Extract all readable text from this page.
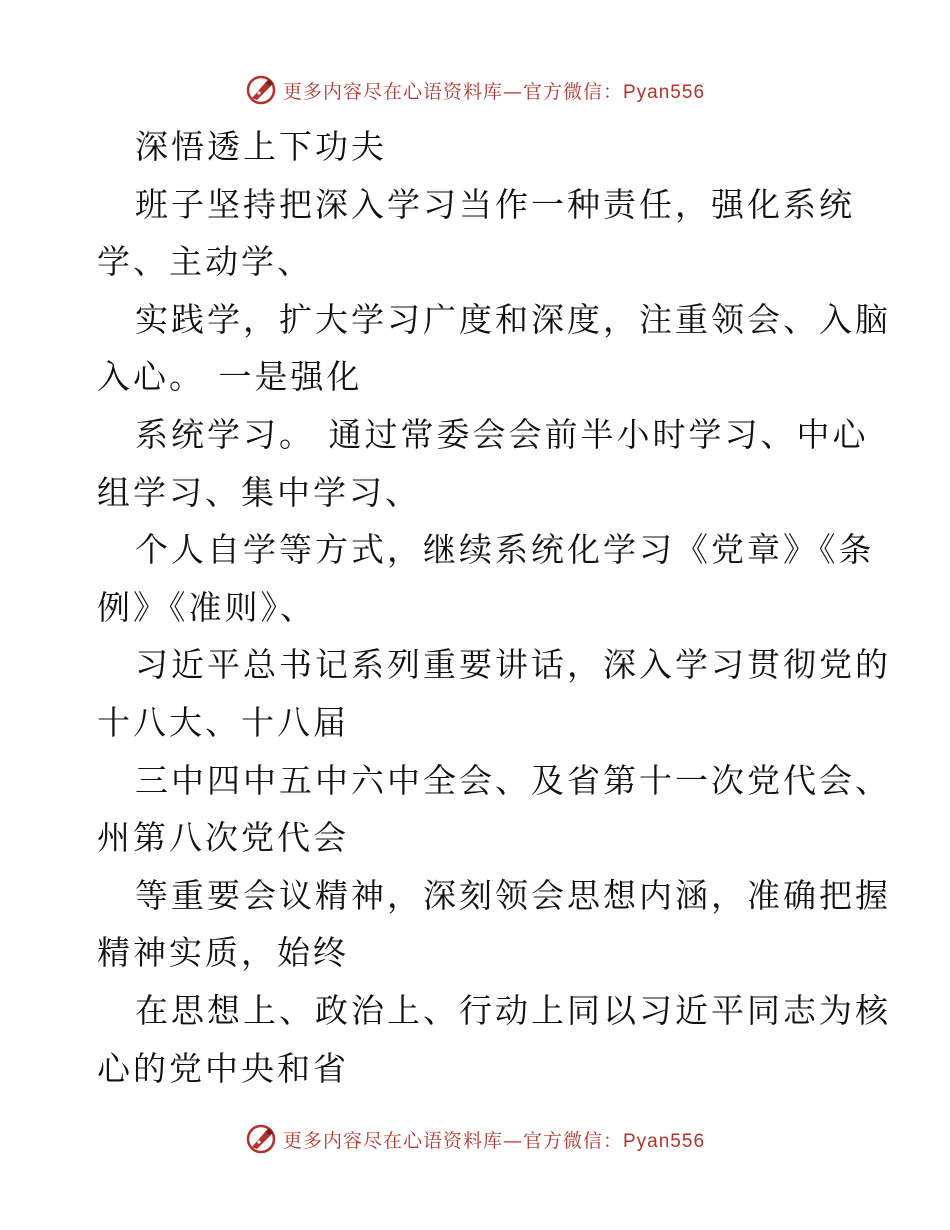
更多内容尽在心语资料库—官方微信：Pyan556
深悟透上下功夫
班子坚持把深入学习当作一种责任，强化系统
学、主动学、
实践学，扩大学习广度和深度，注重领会、入脑
入心。 一是强化
系统学习。 通过常委会会前半小时学习、中心
组学习、集中学习、
个人自学等方式，继续系统化学习《党章》《条
例》《准则》、
习近平总书记系列重要讲话，深入学习贯彻党的
十八大、十八届
三中四中五中六中全会、及省第十一次党代会、
州第八次党代会
等重要会议精神，深刻领会思想内涵，准确把握
精神实质，始终
在思想上、政治上、行动上同以习近平同志为核
心的党中央和省
更多内容尽在心语资料库—官方微信：Pyan556
